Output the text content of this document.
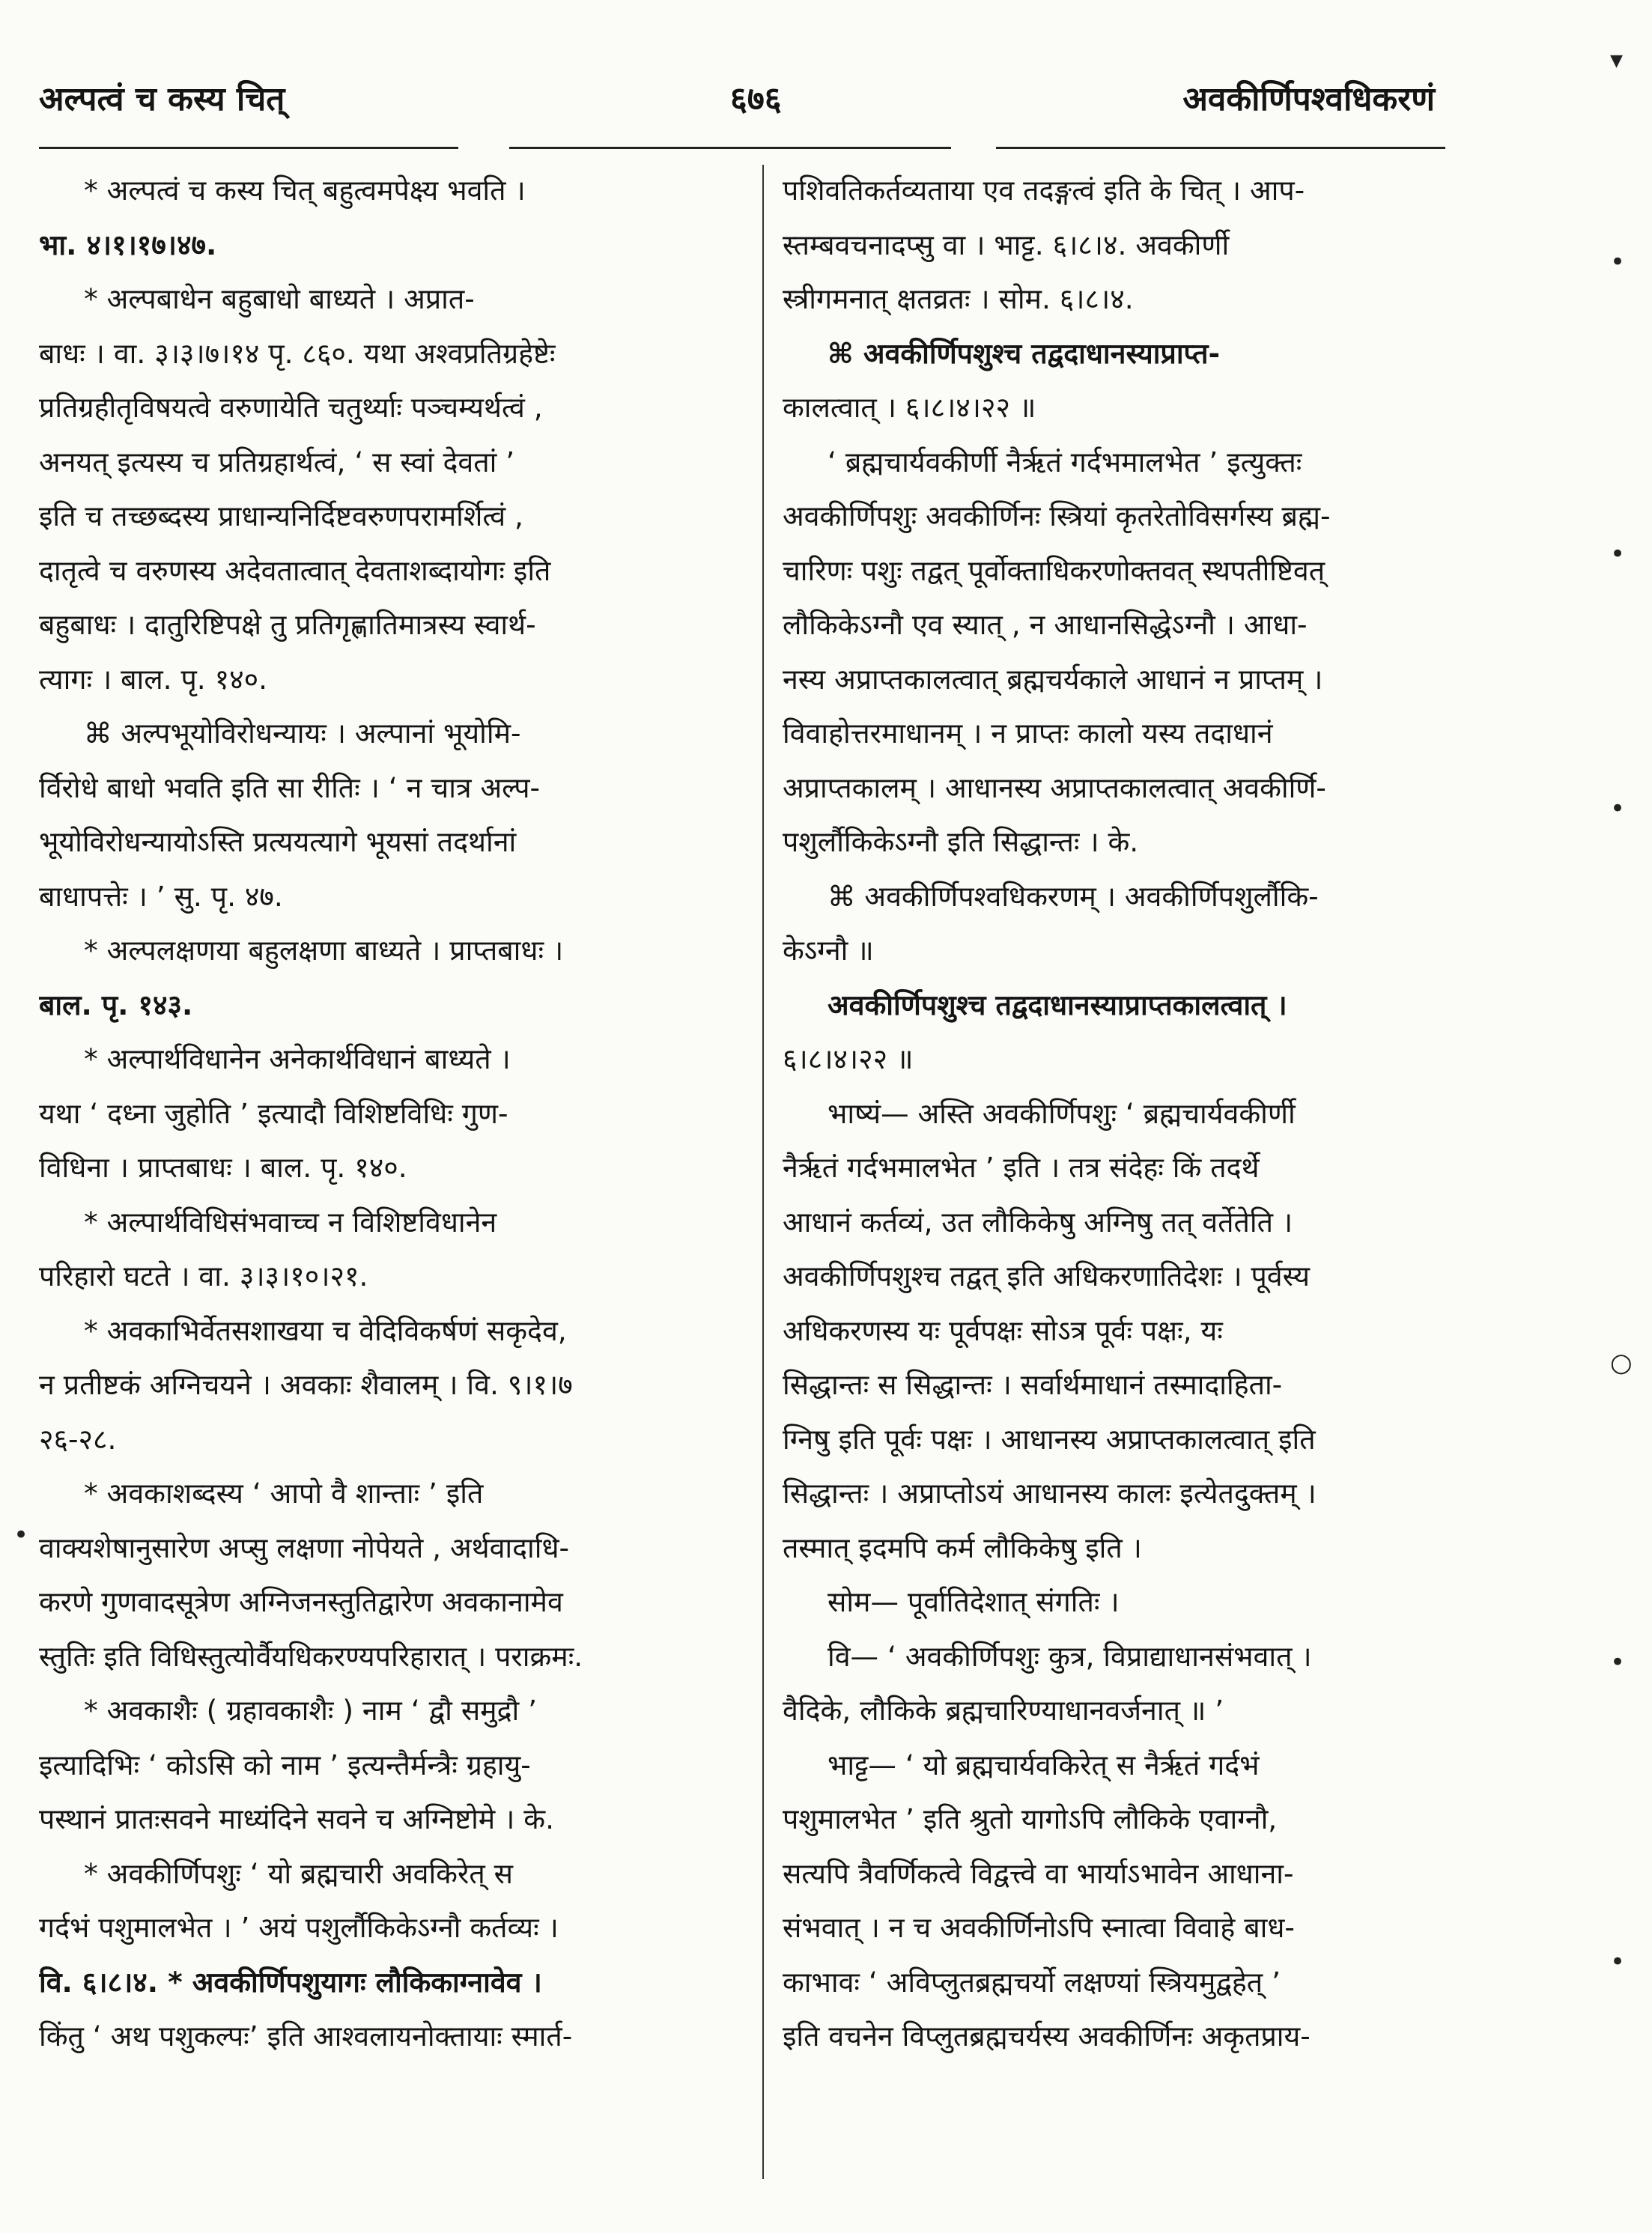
अल्पत्वं च कस्य चित्	६७६	अवकीर्णिपश्वधिकरणं
* अल्पत्वं च कस्य चित् बहुत्वमपेक्ष्य भवति ।
भा. ४।१।१७।४७.
* अल्पबाधेन बहुबाधो बाध्यते । अप्रात-
बाधः । वा. ३।३।७।१४ पृ. ८६०. यथा अश्वप्रतिग्रहेष्टेः
प्रतिग्रहीतृविषयत्वे वरुणायेति चतुर्थ्याः पञ्चम्यर्थत्वं ,
अनयत् इत्यस्य च प्रतिग्रहार्थत्वं, ‘ स स्वां देवतां ’
इति च तच्छब्दस्य प्राधान्यनिर्दिष्टवरुणपरामर्शित्वं ,
दातृत्वे च वरुणस्य अदेवतात्वात् देवताशब्दायोगः इति
बहुबाधः । दातुरिष्टिपक्षे तु प्रतिगृह्णातिमात्रस्य स्वार्थ-
त्यागः । बाल. पृ. १४०.
⌘ अल्पभूयोविरोधन्यायः । अल्पानां भूयोमि-
र्विरोधे बाधो भवति इति सा रीतिः । ‘ न चात्र अल्प-
भूयोविरोधन्यायोऽस्ति प्रत्ययत्यागे भूयसां तदर्थानां
बाधापत्तेः । ’ सु. पृ. ४७.
* अल्पलक्षणया बहुलक्षणा बाध्यते । प्राप्तबाधः ।
बाल. पृ. १४३.
* अल्पार्थविधानेन अनेकार्थविधानं बाध्यते ।
यथा ‘ दध्ना जुहोति ’ इत्यादौ विशिष्टविधिः गुण-
विधिना । प्राप्तबाधः । बाल. पृ. १४०.
* अल्पार्थविधिसंभवाच्च न विशिष्टविधानेन
परिहारो घटते । वा. ३।३।१०।२१.
* अवकाभिर्वेतसशाखया च वेदिविकर्षणं सकृदेव,
न प्रतीष्टकं अग्निचयने । अवकाः शैवालम् । वि. ९।१।७
२६-२८.
* अवकाशब्दस्य ‘ आपो वै शान्ताः ’ इति
वाक्यशेषानुसारेण अप्सु लक्षणा नोपेयते , अर्थवादाधि-
करणे गुणवादसूत्रेण अग्निजनस्तुतिद्वारेण अवकानामेव
स्तुतिः इति विधिस्तुत्योर्वैयधिकरण्यपरिहारात् । पराक्रमः.
* अवकाशैः ( ग्रहावकाशैः ) नाम ‘ द्वौ समुद्रौ ’
इत्यादिभिः ‘ कोऽसि को नाम ’ इत्यन्तैर्मन्त्रैः ग्रहायु-
पस्थानं प्रातःसवने माध्यंदिने सवने च अग्निष्टोमे । के.
* अवकीर्णिपशुः ‘ यो ब्रह्मचारी अवकिरेत् स
गर्दभं पशुमालभेत । ’ अयं पशुर्लौकिकेऽग्नौ कर्तव्यः ।
वि. ६।८।४. * अवकीर्णिपशुयागः लौकिकाग्नावेव ।
किंतु ‘ अथ पशुकल्पः’ इति आश्वलायनोक्तायाः स्मार्त-
पशिवतिकर्तव्यताया एव तदङ्गत्वं इति के चित् । आप-
स्तम्बवचनादप्सु वा । भाट्ट. ६।८।४. अवकीर्णी
स्त्रीगमनात् क्षतव्रतः । सोम. ६।८।४.
⌘ अवकीर्णिपशुश्च तद्वदाधानस्याप्राप्त-
कालत्वात् । ६।८।४।२२ ॥
‘ ब्रह्मचार्यवकीर्णी नैर्ऋतं गर्दभमालभेत ’ इत्युक्तः
अवकीर्णिपशुः अवकीर्णिनः स्त्रियां कृतरेतोविसर्गस्य ब्रह्म-
चारिणः पशुः तद्वत् पूर्वोक्ताधिकरणोक्तवत् स्थपतीष्टिवत्
लौकिकेऽग्नौ एव स्यात् , न आधानसिद्धेऽग्नौ । आधा-
नस्य अप्राप्तकालत्वात् ब्रह्मचर्यकाले आधानं न प्राप्तम् ।
विवाहोत्तरमाधानम् । न प्राप्तः कालो यस्य तदाधानं
अप्राप्तकालम् । आधानस्य अप्राप्तकालत्वात् अवकीर्णि-
पशुर्लौकिकेऽग्नौ इति सिद्धान्तः । के.
⌘ अवकीर्णिपश्वधिकरणम् । अवकीर्णिपशुर्लौकि-
केऽग्नौ ॥
अवकीर्णिपशुश्च तद्वदाधानस्याप्राप्तकालत्वात् ।
६।८।४।२२ ॥
भाष्यं— अस्ति अवकीर्णिपशुः ‘ ब्रह्मचार्यवकीर्णी
नैर्ऋतं गर्दभमालभेत ’ इति । तत्र संदेहः किं तदर्थे
आधानं कर्तव्यं, उत लौकिकेषु अग्निषु तत् वर्तेतेति ।
अवकीर्णिपशुश्च तद्वत् इति अधिकरणातिदेशः । पूर्वस्य
अधिकरणस्य यः पूर्वपक्षः सोऽत्र पूर्वः पक्षः, यः
सिद्धान्तः स सिद्धान्तः । सर्वार्थमाधानं तस्मादाहिता-
ग्निषु इति पूर्वः पक्षः । आधानस्य अप्राप्तकालत्वात् इति
सिद्धान्तः । अप्राप्तोऽयं आधानस्य कालः इत्येतदुक्तम् ।
तस्मात् इदमपि कर्म लौकिकेषु इति ।
सोम— पूर्वातिदेशात् संगतिः ।
वि— ‘ अवकीर्णिपशुः कुत्र, विप्राद्याधानसंभवात् ।
वैदिके, लौकिके ब्रह्मचारिण्याधानवर्जनात् ॥ ’
भाट्ट— ‘ यो ब्रह्मचार्यवकिरेत् स नैर्ऋतं गर्दभं
पशुमालभेत ’ इति श्रुतो यागोऽपि लौकिके एवाग्नौ,
सत्यपि त्रैवर्णिकत्वे विद्वत्त्वे वा भार्याऽभावेन आधाना-
संभवात् । न च अवकीर्णिनोऽपि स्नात्वा विवाहे बाध-
काभावः ‘ अविप्लुतब्रह्मचर्यो लक्षण्यां स्त्रियमुद्वहेत् ’
इति वचनेन विप्लुतब्रह्मचर्यस्य अवकीर्णिनः अकृतप्राय-
▾
•
•
•
○
•
•
•
